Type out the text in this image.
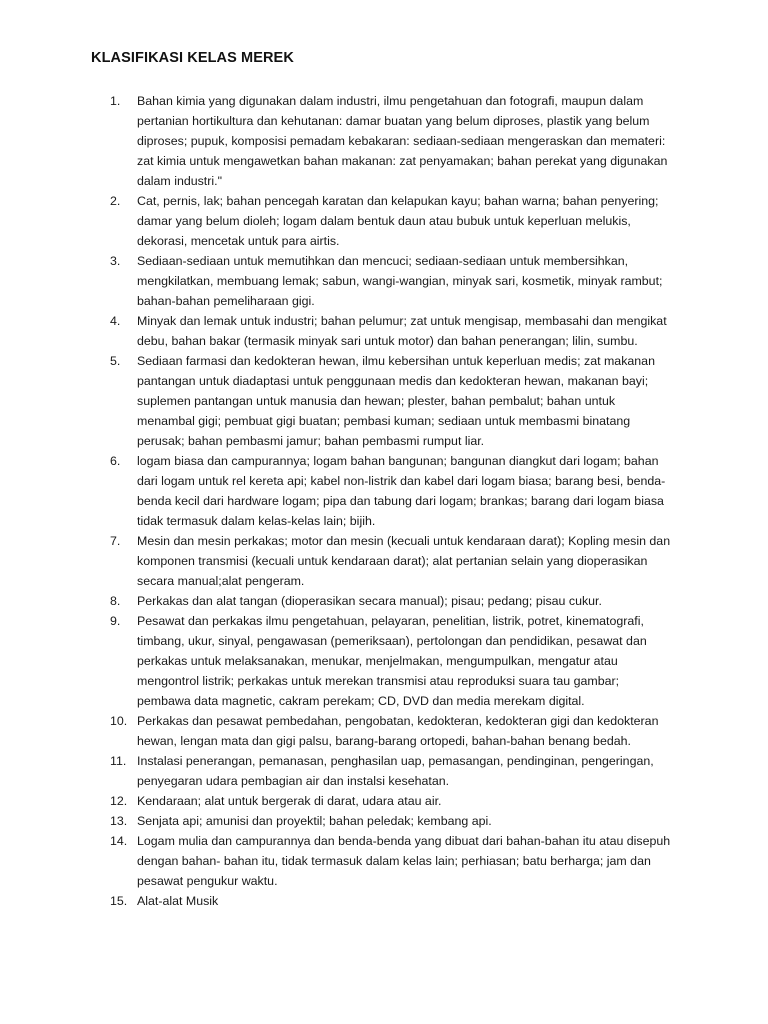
KLASIFIKASI KELAS MEREK
1. Bahan kimia yang digunakan dalam industri, ilmu pengetahuan dan fotografi, maupun dalam pertanian hortikultura dan kehutanan: damar buatan yang belum diproses, plastik yang belum diproses; pupuk, komposisi pemadam kebakaran: sediaan-sediaan mengeraskan dan memateri: zat kimia untuk mengawetkan bahan makanan: zat penyamakan; bahan perekat yang digunakan dalam industri."
2. Cat, pernis, lak; bahan pencegah karatan dan kelapukan kayu; bahan warna; bahan penyering; damar yang belum dioleh; logam dalam bentuk daun atau bubuk untuk keperluan melukis, dekorasi, mencetak untuk para airtis.
3. Sediaan-sediaan untuk memutihkan dan mencuci; sediaan-sediaan untuk membersihkan, mengkilatkan, membuang lemak; sabun, wangi-wangian, minyak sari, kosmetik, minyak rambut; bahan-bahan pemeliharaan gigi.
4. Minyak dan lemak untuk industri; bahan pelumur; zat untuk mengisap, membasahi dan mengikat debu, bahan bakar (termasik minyak sari untuk motor) dan bahan penerangan; lilin, sumbu.
5. Sediaan farmasi dan kedokteran hewan, ilmu kebersihan untuk keperluan medis; zat makanan pantangan untuk diadaptasi untuk penggunaan medis dan kedokteran hewan, makanan bayi; suplemen pantangan untuk manusia dan hewan; plester, bahan pembalut; bahan untuk menambal gigi; pembuat gigi buatan; pembasi kuman; sediaan untuk membasmi binatang perusak; bahan pembasmi jamur; bahan pembasmi rumput liar.
6. logam biasa dan campurannya; logam bahan bangunan; bangunan diangkut dari logam; bahan dari logam untuk rel kereta api; kabel non-listrik dan kabel dari logam biasa; barang besi, benda-benda kecil dari hardware logam; pipa dan tabung dari logam; brankas; barang dari logam biasa tidak termasuk dalam kelas-kelas lain; bijih.
7. Mesin dan mesin perkakas; motor dan mesin (kecuali untuk kendaraan darat); Kopling mesin dan komponen transmisi (kecuali untuk kendaraan darat); alat pertanian selain yang dioperasikan secara manual;alat pengeram.
8. Perkakas dan alat tangan (dioperasikan secara manual); pisau; pedang; pisau cukur.
9. Pesawat dan perkakas ilmu pengetahuan, pelayaran, penelitian, listrik, potret, kinematografi, timbang, ukur, sinyal, pengawasan (pemeriksaan), pertolongan dan pendidikan, pesawat dan perkakas untuk melaksanakan, menukar, menjelmakan, mengumpulkan, mengatur atau mengontrol listrik; perkakas untuk merekan transmisi atau reproduksi suara tau gambar; pembawa data magnetic, cakram perekam; CD, DVD dan media merekam digital.
10. Perkakas dan pesawat pembedahan, pengobatan, kedokteran, kedokteran gigi dan kedokteran hewan, lengan mata dan gigi palsu, barang-barang ortopedi, bahan-bahan benang bedah.
11. Instalasi penerangan, pemanasan, penghasilan uap, pemasangan, pendinginan, pengeringan, penyegaran udara pembagian air dan instalsi kesehatan.
12. Kendaraan; alat untuk bergerak di darat, udara atau air.
13. Senjata api; amunisi dan proyektil; bahan peledak; kembang api.
14. Logam mulia dan campurannya dan benda-benda yang dibuat dari bahan-bahan itu atau disepuh dengan bahan- bahan itu, tidak termasuk dalam kelas lain; perhiasan; batu berharga; jam dan pesawat pengukur waktu.
15. Alat-alat Musik
